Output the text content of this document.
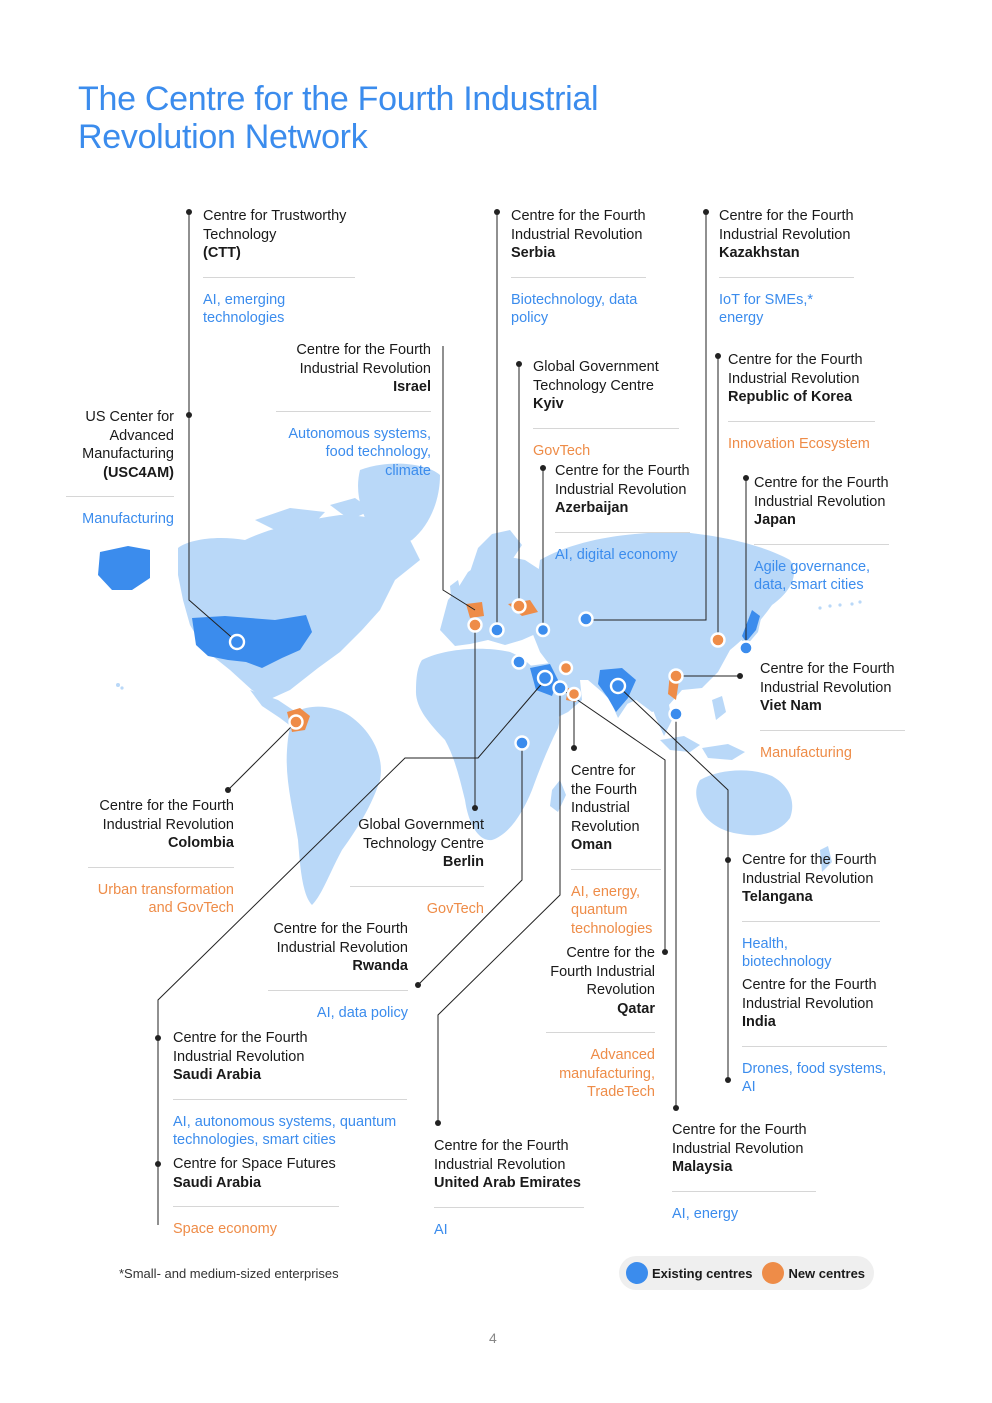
The Centre for the Fourth Industrial
Revolution Network
Centre for Trustworthy
Technology
(CTT)
AI, emerging technologies
Centre for the Fourth
Industrial Revolution
Serbia
Biotechnology, data policy
Centre for the Fourth
Industrial Revolution
Kazakhstan
IoT for SMEs,* energy
Centre for the Fourth
Industrial Revolution
Israel
Autonomous systems, food technology, climate
Global Government
Technology Centre
Kyiv
GovTech
Centre for the Fourth
Industrial Revolution
Republic of Korea
Innovation Ecosystem
US Center for
Advanced
Manufacturing
(USC4AM)
Manufacturing
Centre for the Fourth
Industrial Revolution
Azerbaijan
AI, digital economy
Centre for the Fourth
Industrial Revolution
Japan
Agile governance, data, smart cities
Centre for the Fourth
Industrial Revolution
Viet Nam
Manufacturing
Centre for the Fourth
Industrial Revolution
Colombia
Urban transformation and GovTech
Global Government
Technology Centre
Berlin
GovTech
Centre for
the Fourth
Industrial
Revolution
Oman
AI, energy, quantum technologies
Centre for the Fourth
Industrial Revolution
Telangana
Health, biotechnology
Centre for the Fourth
Industrial Revolution
Rwanda
AI, data policy
Centre for the
Fourth Industrial
Revolution
Qatar
Advanced manufacturing, TradeTech
Centre for the Fourth
Industrial Revolution
India
Drones, food systems, AI
Centre for the Fourth
Industrial Revolution
Saudi Arabia
AI, autonomous systems, quantum technologies, smart cities
Centre for Space Futures
Saudi Arabia
Space economy
Centre for the Fourth
Industrial Revolution
United Arab Emirates
AI
Centre for the Fourth
Industrial Revolution
Malaysia
AI, energy
*Small- and medium-sized enterprises	Existing centres	New centres
4
